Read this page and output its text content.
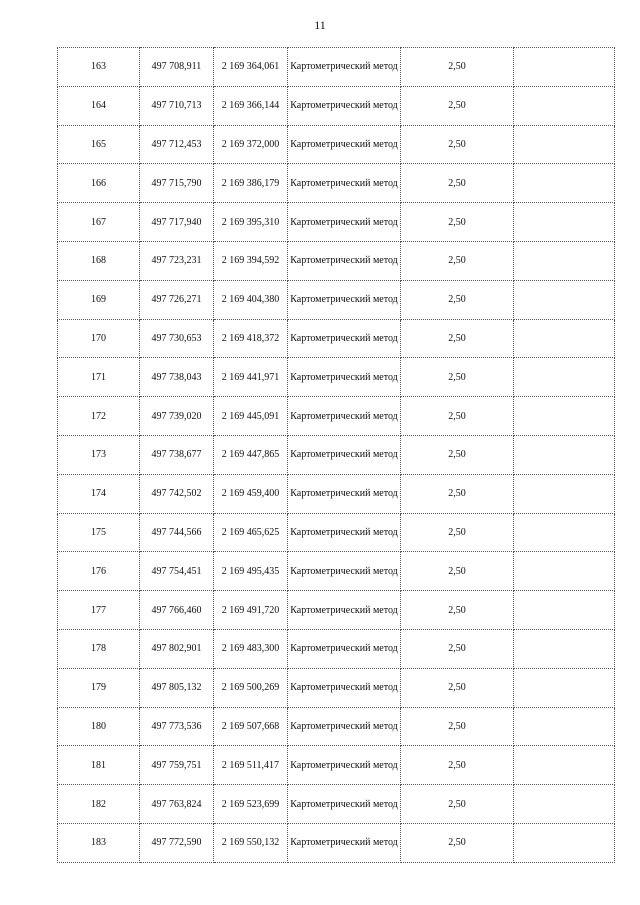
11
163	497 708,911	2 169 364,061	Картометрический метод	2,50	
164	497 710,713	2 169 366,144	Картометрический метод	2,50	
165	497 712,453	2 169 372,000	Картометрический метод	2,50	
166	497 715,790	2 169 386,179	Картометрический метод	2,50	
167	497 717,940	2 169 395,310	Картометрический метод	2,50	
168	497 723,231	2 169 394,592	Картометрический метод	2,50	
169	497 726,271	2 169 404,380	Картометрический метод	2,50	
170	497 730,653	2 169 418,372	Картометрический метод	2,50	
171	497 738,043	2 169 441,971	Картометрический метод	2,50	
172	497 739,020	2 169 445,091	Картометрический метод	2,50	
173	497 738,677	2 169 447,865	Картометрический метод	2,50	
174	497 742,502	2 169 459,400	Картометрический метод	2,50	
175	497 744,566	2 169 465,625	Картометрический метод	2,50	
176	497 754,451	2 169 495,435	Картометрический метод	2,50	
177	497 766,460	2 169 491,720	Картометрический метод	2,50	
178	497 802,901	2 169 483,300	Картометрический метод	2,50	
179	497 805,132	2 169 500,269	Картометрический метод	2,50	
180	497 773,536	2 169 507,668	Картометрический метод	2,50	
181	497 759,751	2 169 511,417	Картометрический метод	2,50	
182	497 763,824	2 169 523,699	Картометрический метод	2,50	
183	497 772,590	2 169 550,132	Картометрический метод	2,50	
